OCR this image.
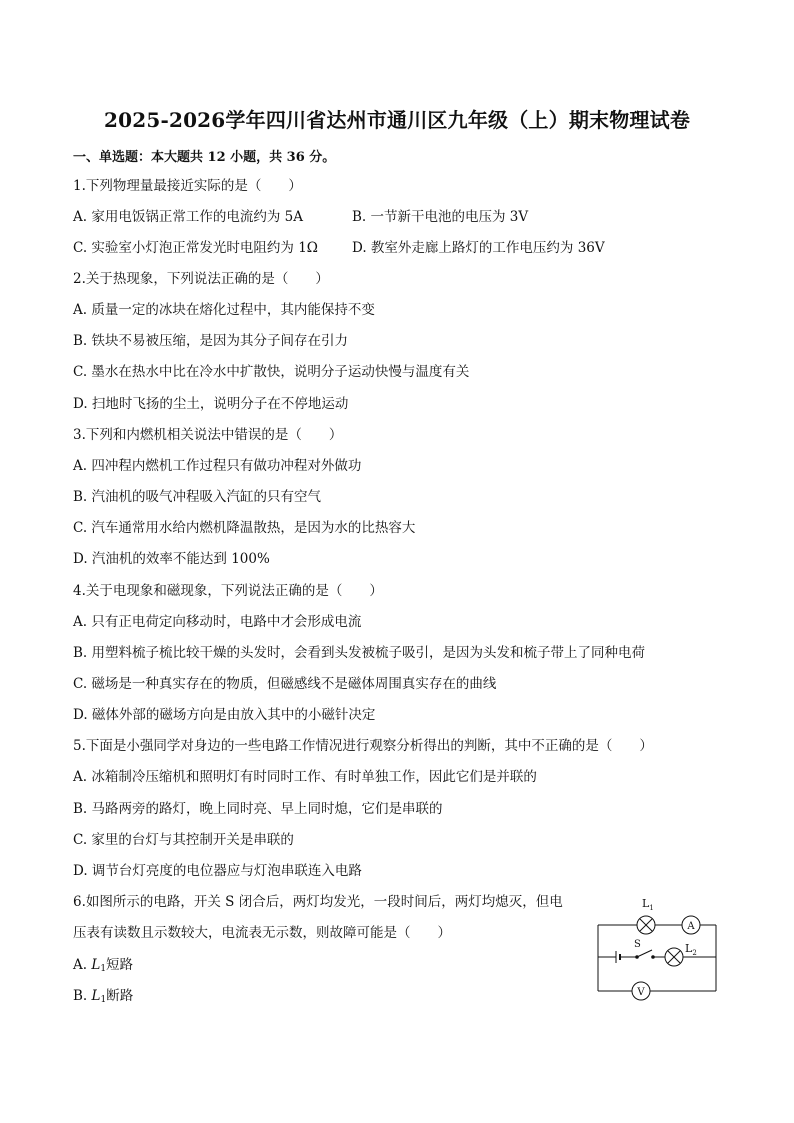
2025-2026学年四川省达州市通川区九年级（上）期末物理试卷
一、单选题：本大题共 12 小题，共 36 分。
1.下列物理量最接近实际的是（　　）
A. 家用电饭锅正常工作的电流约为 5A	B. 一节新干电池的电压为 3V
C. 实验室小灯泡正常发光时电阻约为 1Ω	D. 教室外走廊上路灯的工作电压约为 36V
2.关于热现象，下列说法正确的是（　　）
A. 质量一定的冰块在熔化过程中，其内能保持不变
B. 铁块不易被压缩，是因为其分子间存在引力
C. 墨水在热水中比在冷水中扩散快，说明分子运动快慢与温度有关
D. 扫地时飞扬的尘土，说明分子在不停地运动
3.下列和内燃机相关说法中错误的是（　　）
A. 四冲程内燃机工作过程只有做功冲程对外做功
B. 汽油机的吸气冲程吸入汽缸的只有空气
C. 汽车通常用水给内燃机降温散热，是因为水的比热容大
D. 汽油机的效率不能达到 100%
4.关于电现象和磁现象，下列说法正确的是（　　）
A. 只有正电荷定向移动时，电路中才会形成电流
B. 用塑料梳子梳比较干燥的头发时，会看到头发被梳子吸引，是因为头发和梳子带上了同种电荷
C. 磁场是一种真实存在的物质，但磁感线不是磁体周围真实存在的曲线
D. 磁体外部的磁场方向是由放入其中的小磁针决定
5.下面是小强同学对身边的一些电路工作情况进行观察分析得出的判断，其中不正确的是（　　）
A. 冰箱制冷压缩机和照明灯有时同时工作、有时单独工作，因此它们是并联的
B. 马路两旁的路灯，晚上同时亮、早上同时熄，它们是串联的
C. 家里的台灯与其控制开关是串联的
D. 调节台灯亮度的电位器应与灯泡串联连入电路
6.如图所示的电路，开关 S 闭合后，两灯均发光，一段时间后，两灯均熄灭，但电
压表有读数且示数较大，电流表无示数，则故障可能是（　　）
A. $L_1$短路
B. $L_1$断路
$L_1$
A
S	$L_2$
V
